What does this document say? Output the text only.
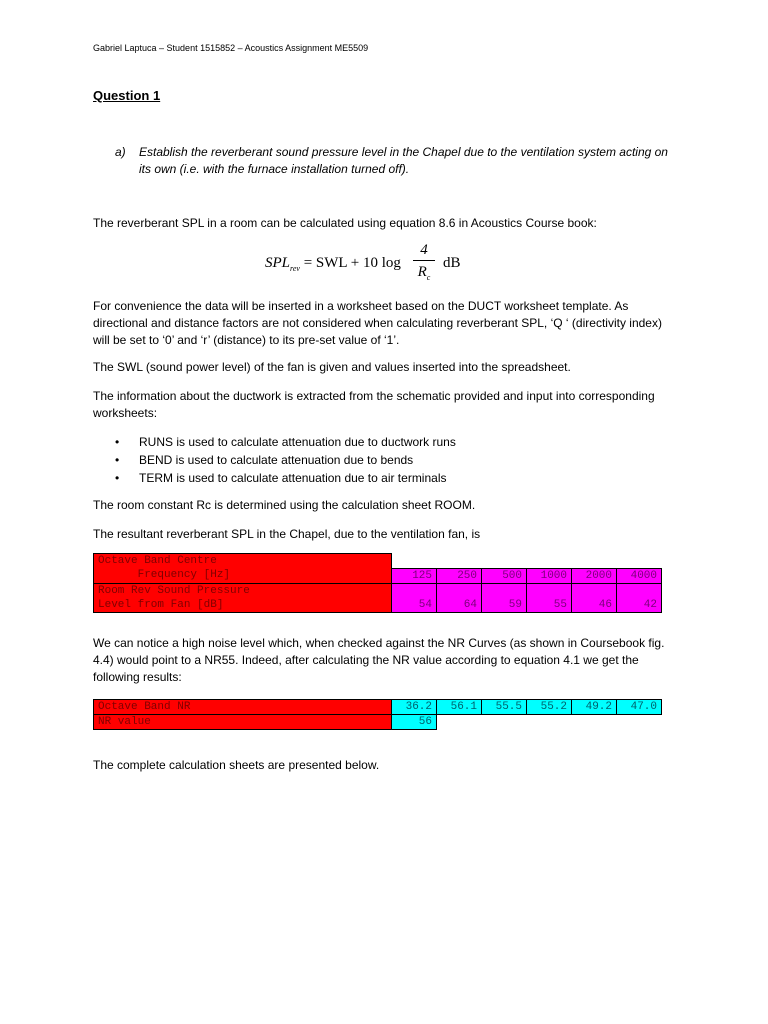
Gabriel Laptuca – Student 1515852 – Acoustics Assignment ME5509
Question 1
a) Establish the reverberant sound pressure level in the Chapel due to the ventilation system acting on its own (i.e. with the furnace installation turned off).
The reverberant SPL in a room can be calculated using equation 8.6 in Acoustics Course book:
$SPL_{rev}$ = SWL + 10 log
4
$R_c$
dB
For convenience the data will be inserted in a worksheet based on the DUCT worksheet template. As directional and distance factors are not considered when calculating reverberant SPL, ‘Q ‘ (directivity index) will be set to ‘0’ and ‘r’ (distance) to its pre-set value of ‘1’.
The SWL (sound power level) of the fan is given and values inserted into the spreadsheet.
The information about the ductwork is extracted from the schematic provided and input into corresponding worksheets:
• RUNS is used to calculate attenuation due to ductwork runs
• BEND is used to calculate attenuation due to bends
• TERM is used to calculate attenuation due to air terminals
The room constant Rc is determined using the calculation sheet ROOM.
The resultant reverberant SPL in the Chapel, due to the ventilation fan, is
Octave Band Centre						
Frequency [Hz]	125	250	500	1000	2000	4000
Room Rev Sound Pressure						
Level from Fan [dB]	54	64	59	55	46	42
We can notice a high noise level which, when checked against the NR Curves (as shown in Coursebook fig. 4.4) would point to a NR55. Indeed, after calculating the NR value according to equation 4.1 we get the following results:
Octave Band NR	36.2	56.1	55.5	55.2	49.2	47.0
NR value	56					
The complete calculation sheets are presented below.
